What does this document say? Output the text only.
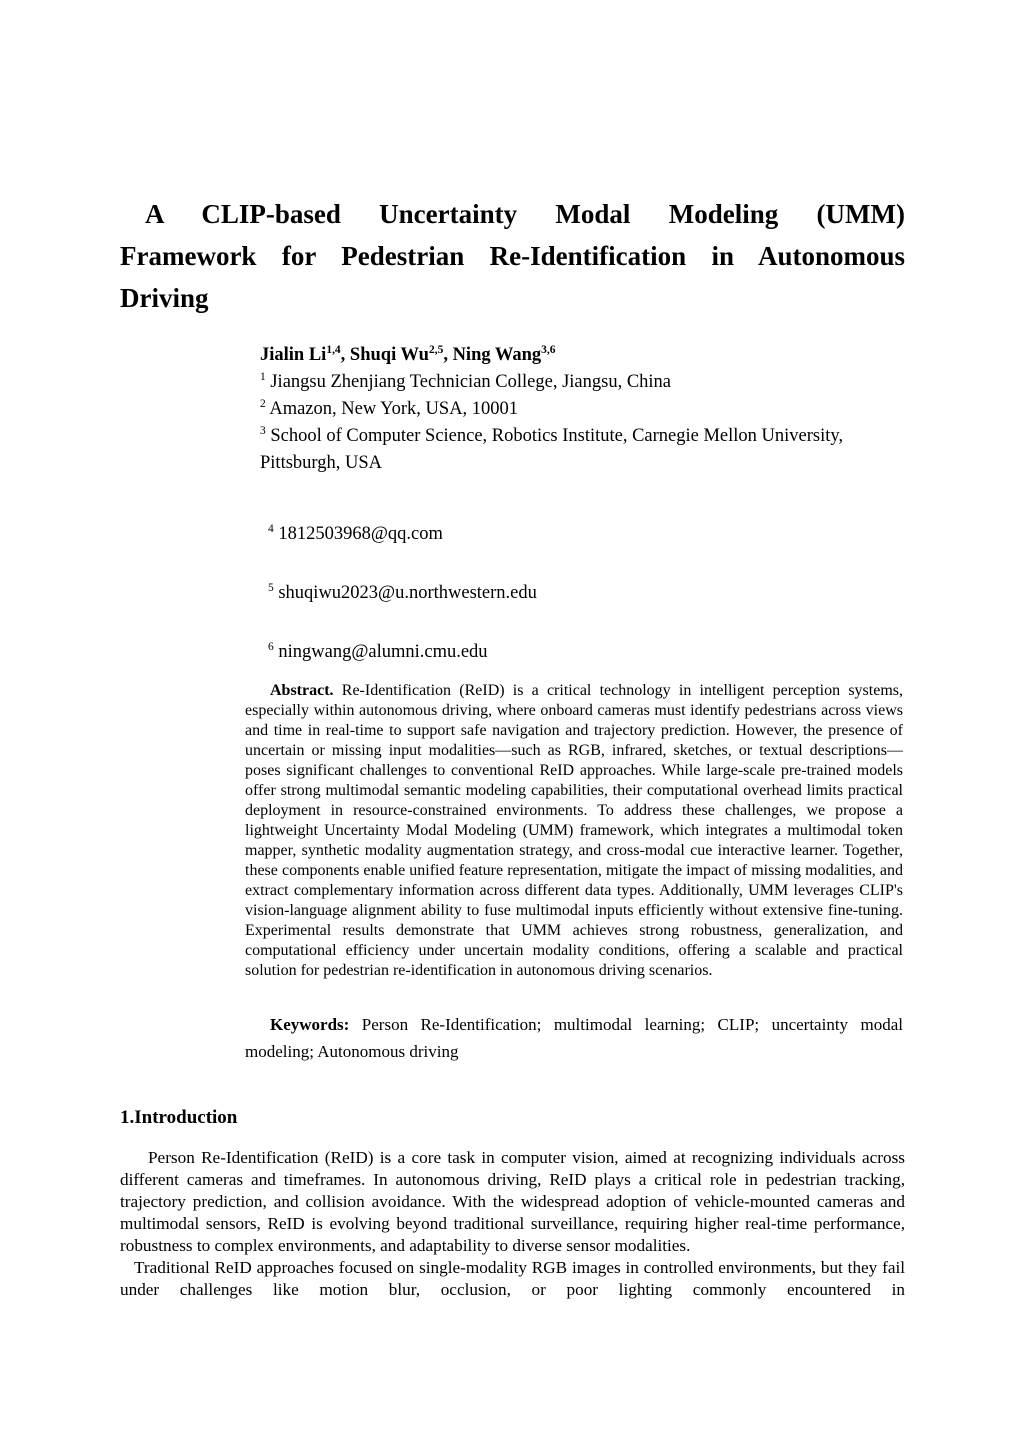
A CLIP-based Uncertainty Modal Modeling (UMM)
Framework for Pedestrian Re-Identification in Autonomous
Driving

Jialin Li$^{1,4}$, Shuqi Wu$^{2,5}$, Ning Wang$^{3,6}$

$^1$ Jiangsu Zhenjiang Technician College, Jiangsu, China

$^2$ Amazon, New York, USA, 10001

$^3$ School of Computer Science, Robotics Institute, Carnegie Mellon University, Pittsburgh, USA

$^4$ 1812503968@qq.com

$^5$ shuqiwu2023@u.northwestern.edu

$^6$ ningwang@alumni.cmu.edu

Abstract. Re-Identification (ReID) is a critical technology in intelligent perception systems, especially within autonomous driving, where onboard cameras must identify pedestrians across views and time in real-time to support safe navigation and trajectory prediction. However, the presence of uncertain or missing input modalities—such as RGB, infrared, sketches, or textual descriptions—poses significant challenges to conventional ReID approaches. While large-scale pre-trained models offer strong multimodal semantic modeling capabilities, their computational overhead limits practical deployment in resource-constrained environments. To address these challenges, we propose a lightweight Uncertainty Modal Modeling (UMM) framework, which integrates a multimodal token mapper, synthetic modality augmentation strategy, and cross-modal cue interactive learner. Together, these components enable unified feature representation, mitigate the impact of missing modalities, and extract complementary information across different data types. Additionally, UMM leverages CLIP's vision-language alignment ability to fuse multimodal inputs efficiently without extensive fine-tuning. Experimental results demonstrate that UMM achieves strong robustness, generalization, and computational efficiency under uncertain modality conditions, offering a scalable and practical solution for pedestrian re-identification in autonomous driving scenarios.

Keywords: Person Re-Identification; multimodal learning; CLIP; uncertainty modal modeling; Autonomous driving

1.Introduction

Person Re-Identification (ReID) is a core task in computer vision, aimed at recognizing individuals across different cameras and timeframes. In autonomous driving, ReID plays a critical role in pedestrian tracking, trajectory prediction, and collision avoidance. With the widespread adoption of vehicle-mounted cameras and multimodal sensors, ReID is evolving beyond traditional surveillance, requiring higher real-time performance, robustness to complex environments, and adaptability to diverse sensor modalities.

Traditional ReID approaches focused on single-modality RGB images in controlled environments, but they fail under challenges like motion blur, occlusion, or poor lighting commonly encountered in
